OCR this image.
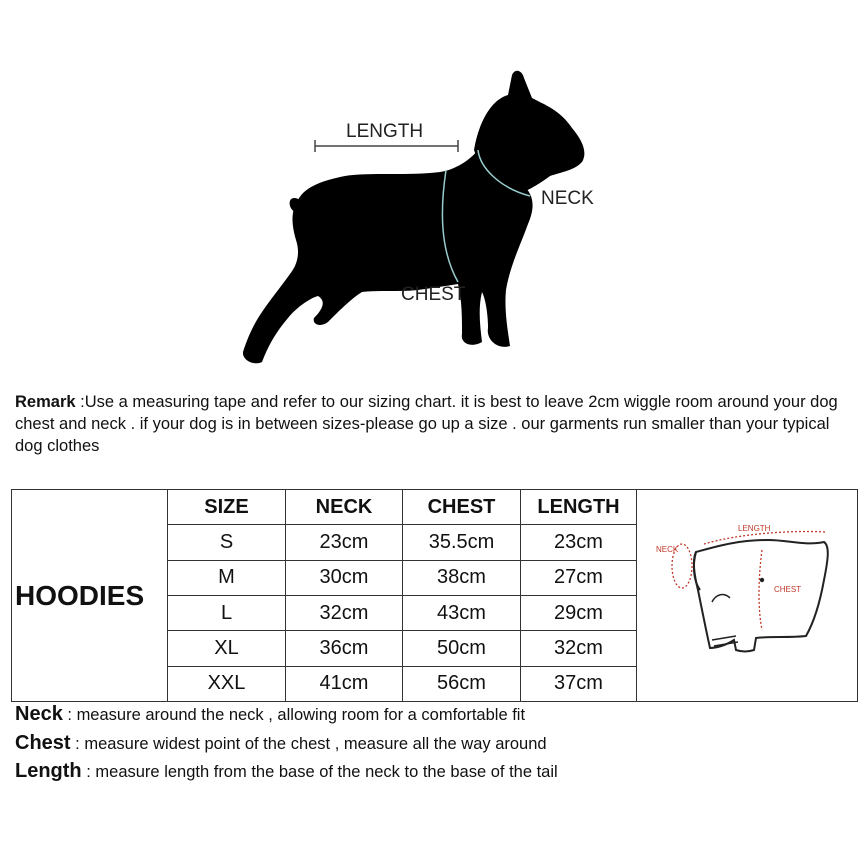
LENGTH
NECK
CHEST
Remark :Use a measuring tape and refer to our sizing chart. it is best to leave 2cm wiggle room around your dog chest and neck . if your dog is in between sizes-please go up a size . our garments run smaller than your typical dog clothes
HOODIES	SIZE	NECK	CHEST	LENGTH	LENGTH
NECK
CHEST

	S	23cm	35.5cm	23cm	
	M	30cm	38cm	27cm	
	L	32cm	43cm	29cm	
	XL	36cm	50cm	32cm	
	XXL	41cm	56cm	37cm	
Neck : measure around the neck , allowing room for a comfortable fit
Chest : measure widest point of the chest , measure all the way around
Length : measure length from the base of the neck to the base of the tail
